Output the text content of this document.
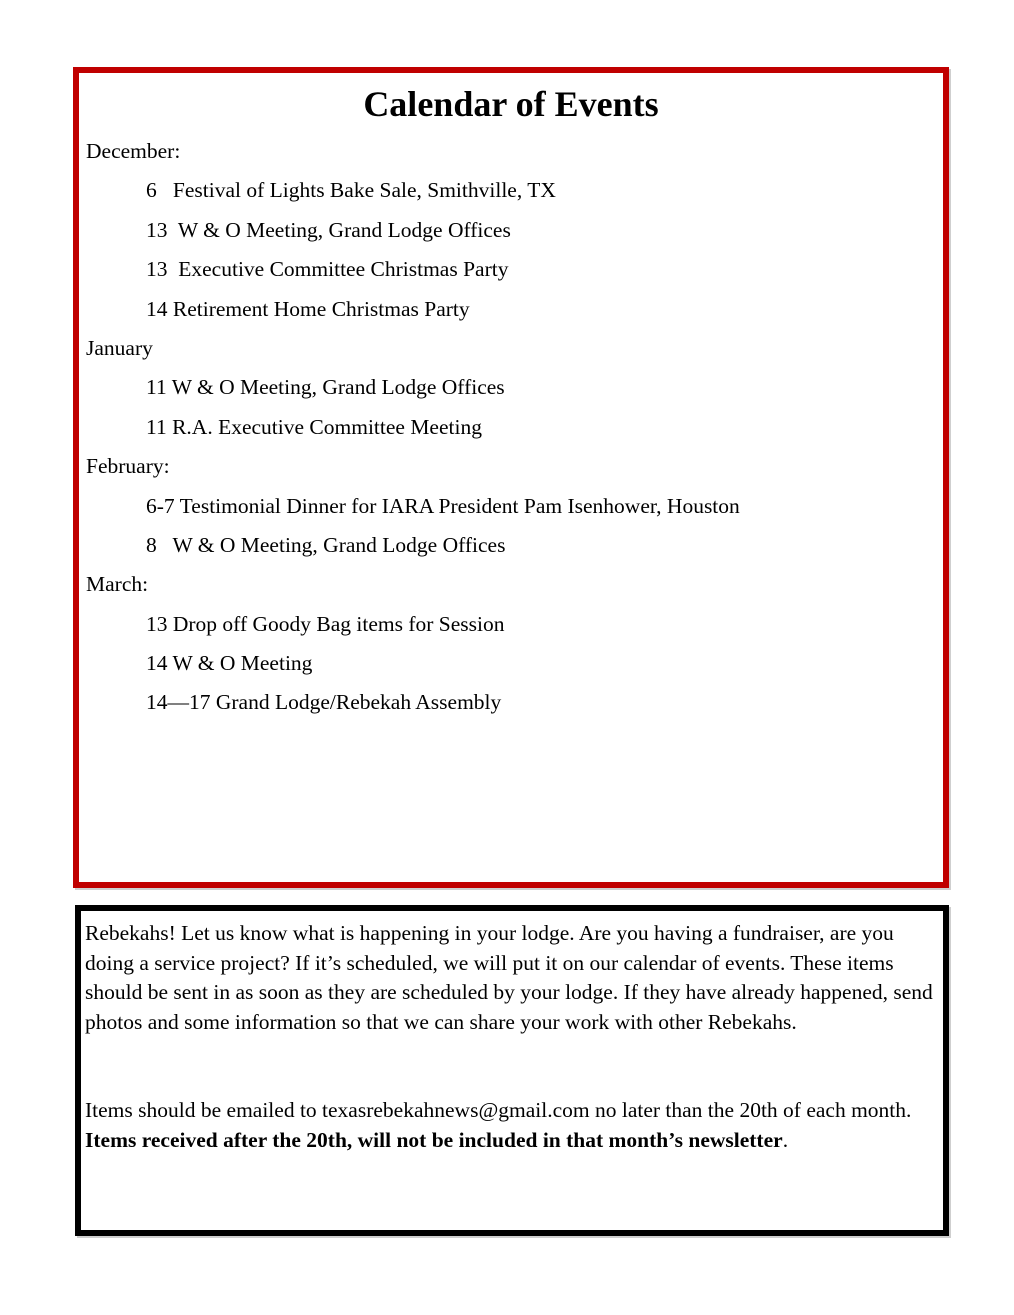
Calendar of Events
December:
6   Festival of Lights Bake Sale, Smithville, TX
13  W & O Meeting, Grand Lodge Offices
13  Executive Committee Christmas Party
14 Retirement Home Christmas Party
January
11 W & O Meeting, Grand Lodge Offices
11 R.A. Executive Committee Meeting
February:
6-7 Testimonial Dinner for IARA President Pam Isenhower, Houston
8   W & O Meeting, Grand Lodge Offices
March:
13 Drop off Goody Bag items for Session
14 W & O Meeting
14—17 Grand Lodge/Rebekah Assembly

Rebekahs! Let us know what is happening in your lodge. Are you having a fundraiser, are you doing a service project? If it’s scheduled, we will put it on our calendar of events. These items should be sent in as soon as they are scheduled by your lodge. If they have already happened, send photos and some information so that we can share your work with other Rebekahs.

Items should be emailed to texasrebekahnews@gmail.com no later than the 20th of each month. Items received after the 20th, will not be included in that month’s newsletter.
